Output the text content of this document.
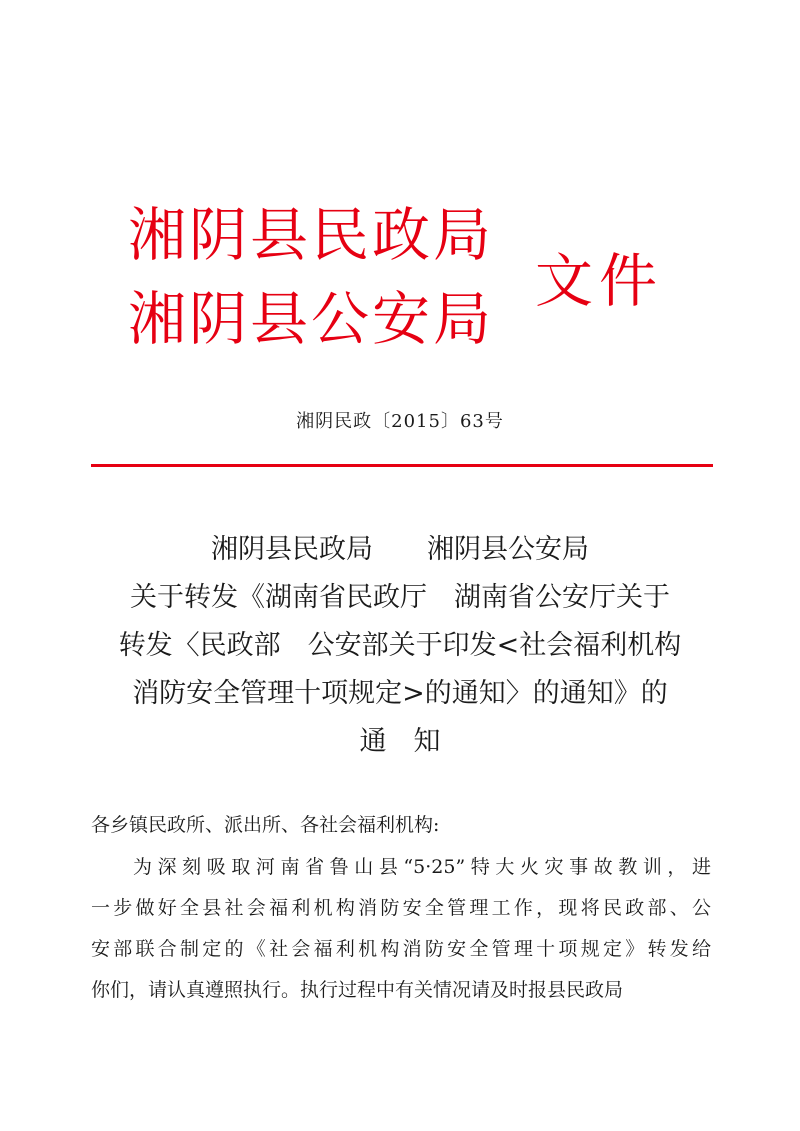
湘阴县民政局
湘阴县公安局
文件
湘阴民政〔2015〕63号
湘阴县民政局　　湘阴县公安局
关于转发《湖南省民政厅　湖南省公安厅关于
转发〈民政部　公安部关于印发<社会福利机构
消防安全管理十项规定>的通知〉的通知》的
通　知
各乡镇民政所、派出所、各社会福利机构:
为深刻吸取河南省鲁山县“5·25”特大火灾事故教训，进
一步做好全县社会福利机构消防安全管理工作，现将民政部、公
安部联合制定的《社会福利机构消防安全管理十项规定》转发给
你们，请认真遵照执行。执行过程中有关情况请及时报县民政局
